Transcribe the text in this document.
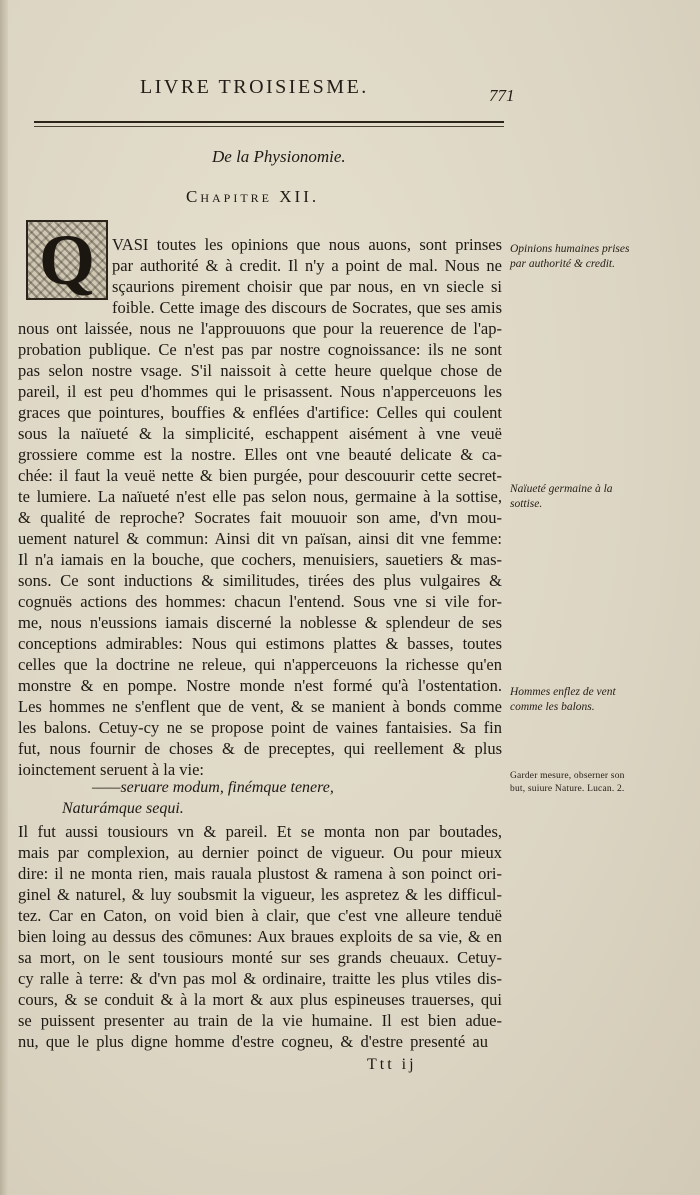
LIVRE TROISIESME.	771
De la Physionomie.
Chapitre XII.
Q	VASI toutes les opinions que nous auons, sont prinses
par authorité & à credit. Il n'y a point de mal. Nous ne
sçaurions pirement choisir que par nous, en vn siecle si
foible. Cette image des discours de Socrates, que ses amis
nous ont laissée, nous ne l'approuuons que pour la reuerence de l'ap-
probation publique. Ce n'est pas par nostre cognoissance: ils ne sont
pas selon nostre vsage. S'il naissoit à cette heure quelque chose de
pareil, il est peu d'hommes qui le prisassent. Nous n'apperceuons les
graces que pointures, bouffies & enflées d'artifice: Celles qui coulent
sous la naïueté & la simplicité, eschappent aisément à vne veuë
grossiere comme est la nostre. Elles ont vne beauté delicate & ca-
chée: il faut la veuë nette & bien purgée, pour descouurir cette secret-
te lumiere. La naïueté n'est elle pas selon nous, germaine à la sottise,
& qualité de reproche? Socrates fait mouuoir son ame, d'vn mou-
uement naturel & commun: Ainsi dit vn païsan, ainsi dit vne femme:
Il n'a iamais en la bouche, que cochers, menuisiers, sauetiers & mas-
sons. Ce sont inductions & similitudes, tirées des plus vulgaires &
cognuës actions des hommes: chacun l'entend. Sous vne si vile for-
me, nous n'eussions iamais discerné la noblesse & splendeur de ses
conceptions admirables: Nous qui estimons plattes & basses, toutes
celles que la doctrine ne releue, qui n'apperceuons la richesse qu'en
monstre & en pompe. Nostre monde n'est formé qu'à l'ostentation.
Les hommes ne s'enflent que de vent, & se manient à bonds comme
les balons. Cetuy-cy ne se propose point de vaines fantaisies. Sa fin
fut, nous fournir de choses & de preceptes, qui reellement & plus
ioinctement seruent à la vie:
——seruare modum, finémque tenere,
Naturámque sequi.
Il fut aussi tousiours vn & pareil. Et se monta non par boutades,
mais par complexion, au dernier poinct de vigueur. Ou pour mieux
dire: il ne monta rien, mais rauala plustost & ramena à son poinct ori-
ginel & naturel, & luy soubsmit la vigueur, les aspretez & les difficul-
tez. Car en Caton, on void bien à clair, que c'est vne alleure tenduë
bien loing au dessus des cōmunes: Aux braues exploits de sa vie, & en
sa mort, on le sent tousiours monté sur ses grands cheuaux. Cetuy-
cy ralle à terre: & d'vn pas mol & ordinaire, traitte les plus vtiles dis-
cours, & se conduit & à la mort & aux plus espineuses trauerses, qui
se puissent presenter au train de la vie humaine. Il est bien adue-
nu, que le plus digne homme d'estre cogneu, & d'estre presenté au
Ttt ij
Opinions humaines prises par authorité & credit.
Naïueté germaine à la sottise.
Hommes enflez de vent comme les balons.
Garder mesure, obserner son but, suiure Nature. Lucan. 2.
